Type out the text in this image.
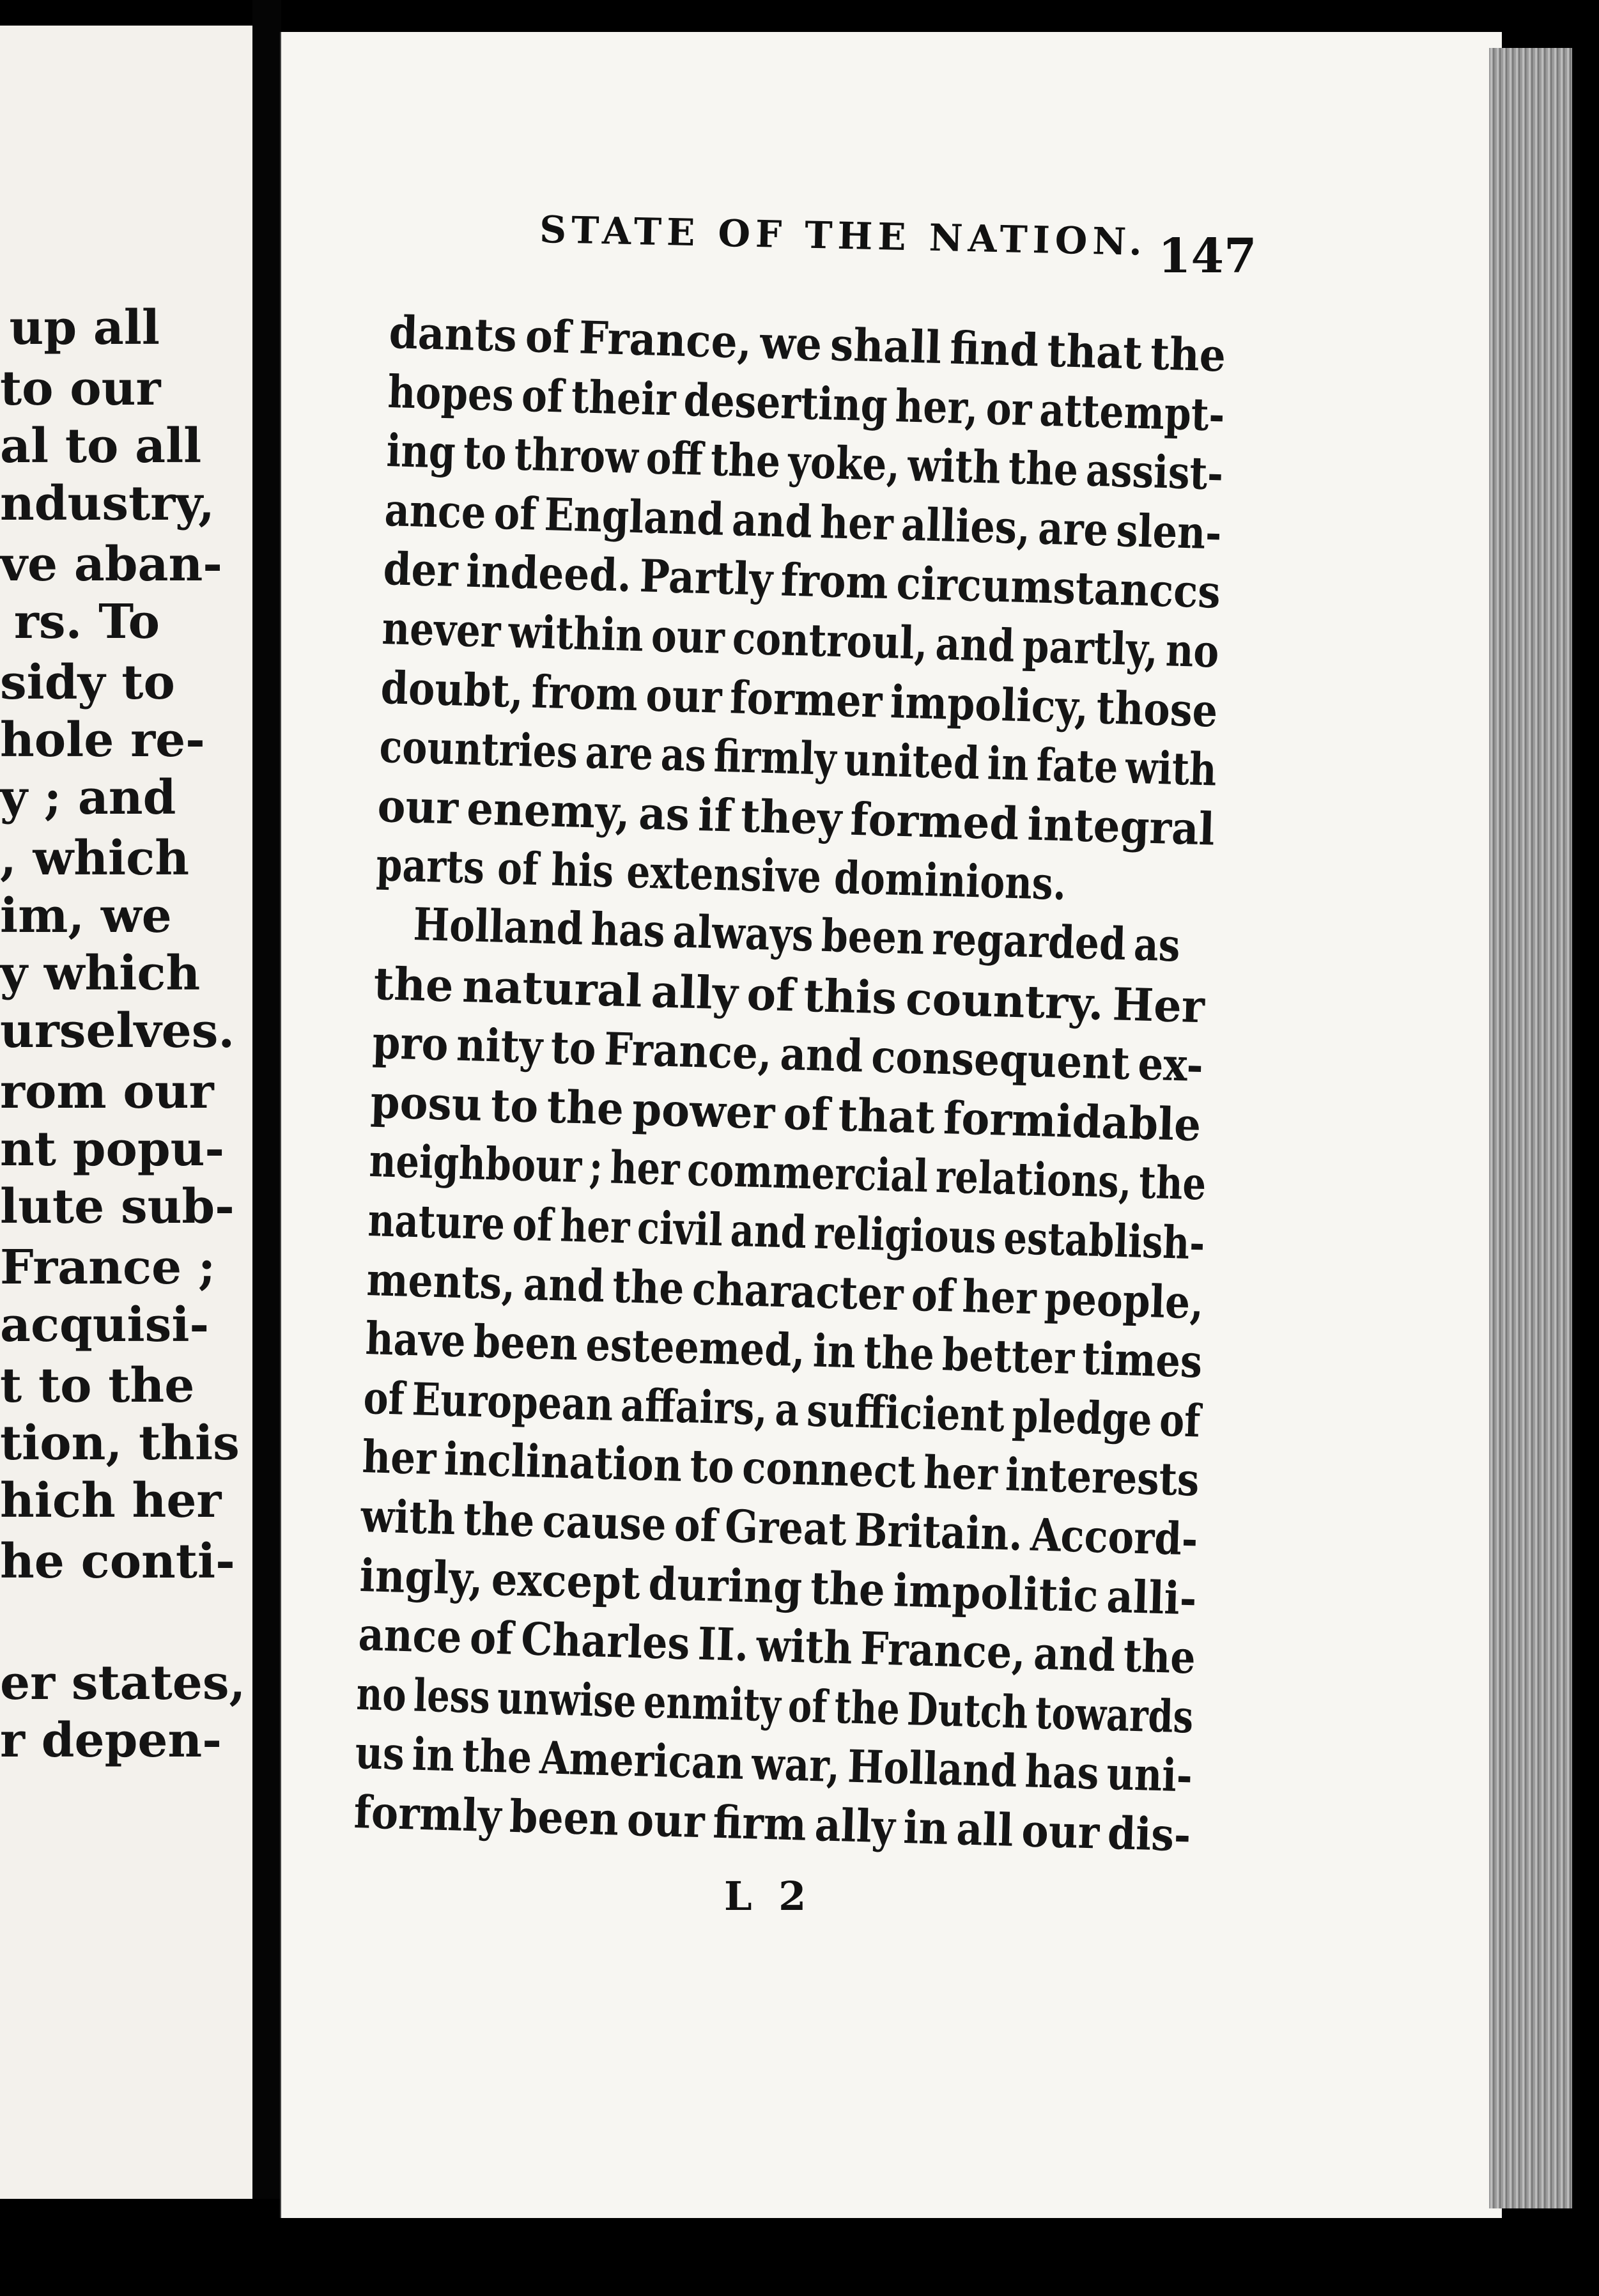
up all
to our
al to all
ndustry,
ve aban-
rs. To
sidy to
hole re-
y ; and
, which
im, we
y which
urselves.
rom our
nt popu-
lute sub-
France ;
acquisi-
t to the
tion, this
hich her
he conti-
er states,
r depen-
STATE OF THE NATION. 147
dants of France, we shall find that the
hopes of their deserting her, or attempt-
ing to throw off the yoke, with the assist-
ance of England and her allies, are slen-
der indeed. Partly from circumstanccs
never within our controul, and partly, no
doubt, from our former impolicy, those
countries are as firmly united in fate with
our enemy, as if they formed integral
parts of his extensive dominions.
Holland has always been regarded as
the natural ally of this country. Her
pro nity to France, and consequent ex-
posu to the power of that formidable
neighbour ; her commercial relations, the
nature of her civil and religious establish-
ments, and the character of her people,
have been esteemed, in the better times
of European affairs, a sufficient pledge of
her inclination to connect her interests
with the cause of Great Britain. Accord-
ingly, except during the impolitic alli-
ance of Charles II. with France, and the
no less unwise enmity of the Dutch towards
us in the American war, Holland has uni-
formly been our firm ally in all our dis-
L 2
